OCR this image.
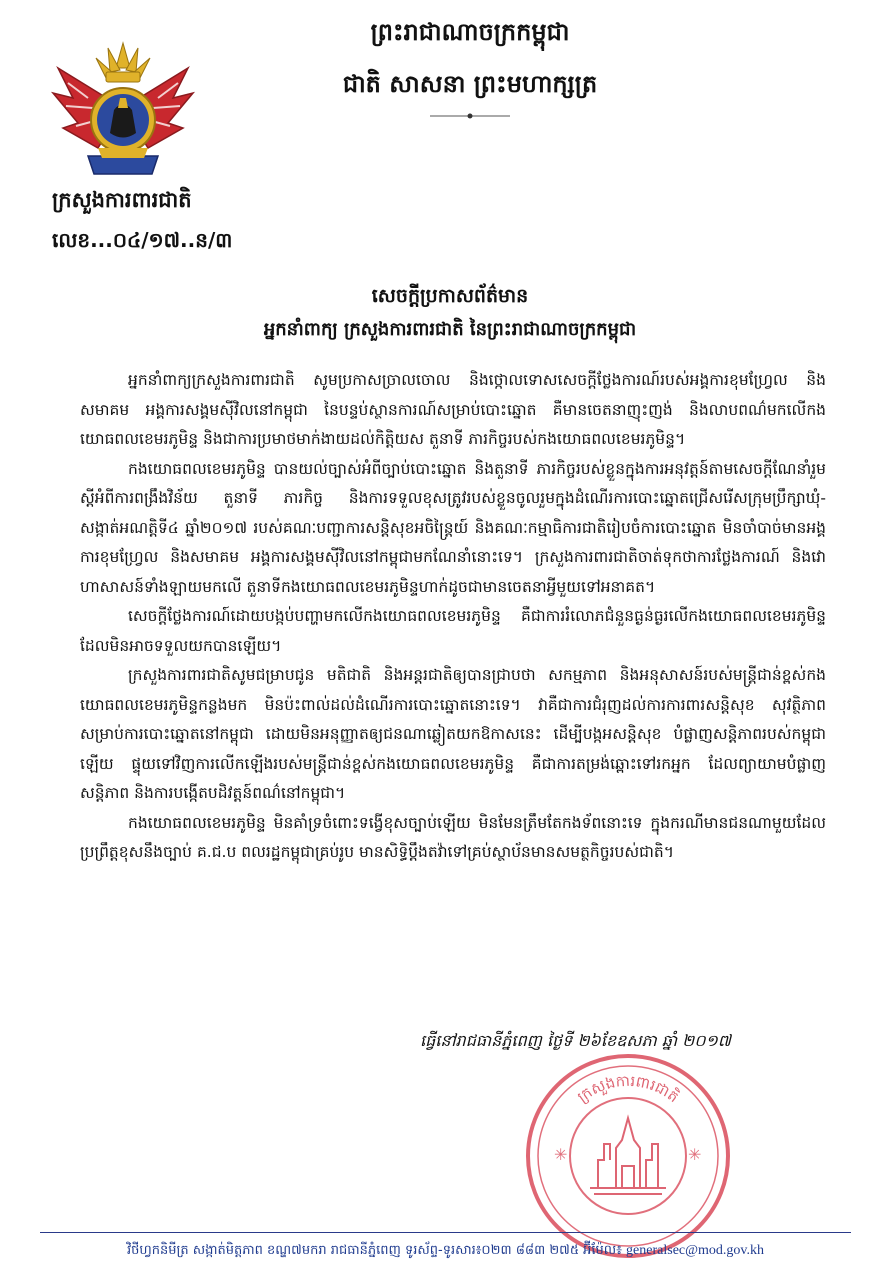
ព្រះរាជាណាចក្រកម្ពុជា
ជាតិ សាសនា ព្រះមហាក្សត្រ
ក្រសួងការពារជាតិ
លេខ...០៤/១៧..ន/៣
សេចក្តីប្រកាសព័ត៌មាន
អ្នកនាំពាក្យ ក្រសួងការពារជាតិ នៃព្រះរាជាណាចក្រកម្ពុជា

អ្នកនាំពាក្យក្រសួងការពារជាតិ សូមប្រកាសច្រាលចោល និងថ្កោលទោសសេចក្តីថ្លែងការណ៍របស់អង្គការខុមហ្វ្រែល និងសមាគម អង្គការសង្គមស៊ីវិលនៅកម្ពុជា នៃបន្ទប់ស្ថានការណ៍សម្រាប់បោះឆ្នោត គឺមានចេតនាញុះញង់ និងលាបពណ៌មកលើកងយោធពលខេមរភូមិន្ទ និងជាការប្រមាថមាក់ងាយដល់កិត្តិយស តួនាទី ភារកិច្ចរបស់កងយោធពលខេមរភូមិន្ទ។

កងយោធពលខេមរភូមិន្ទ បានយល់ច្បាស់អំពីច្បាប់បោះឆ្នោត និងតួនាទី ភារកិច្ចរបស់ខ្លួនក្នុងការអនុវត្តន៍តាមសេចក្តីណែនាំរួមស្តីអំពីការពង្រឹងវិន័យ តួនាទី ភារកិច្ច និងការទទួលខុសត្រូវរបស់ខ្លួនចូលរួមក្នុងដំណើរការបោះឆ្នោតជ្រើសរើសក្រុមប្រឹក្សាឃុំ-សង្កាត់អណត្តិទី៤ ឆ្នាំ២០១៧ របស់គណៈបញ្ជាការសន្តិសុខអចិន្ត្រៃយ៍ និងគណៈកម្មាធិការជាតិរៀបចំការបោះឆ្នោត មិនចាំបាច់មានអង្គការខុមហ្វ្រែល និងសមាគម អង្គការសង្គមស៊ីវិលនៅកម្ពុជាមកណែនាំនោះទេ។ ក្រសួងការពារជាតិចាត់ទុកថាការថ្លែងការណ៍ និងវោហាសាសន៍ទាំងឡាយមកលើ តួនាទីកងយោធពលខេមរភូមិន្ទហាក់ដូចជាមានចេតនាអ្វីមួយទៅអនាគត។

សេចក្តីថ្លែងការណ៍ដោយបង្កប់បញ្ហាមកលើកងយោធពលខេមរភូមិន្ទ គឺជាការរំលោភជំនួនធ្ងន់ធ្ងរលើកងយោធពលខេមរភូមិន្ទ ដែលមិនអាចទទួលយកបានឡើយ។

ក្រសួងការពារជាតិសូមជម្រាបជូន មតិជាតិ និងអន្តរជាតិឲ្យបានជ្រាបថា សកម្មភាព និងអនុសាសន៍របស់មន្ត្រីជាន់ខ្ពស់កងយោធពលខេមរភូមិន្ទកន្លងមក មិនប៉ះពាល់ដល់ដំណើរការបោះឆ្នោតនោះទេ។ វាគឺជាការជំរុញដល់ការការពារសន្តិសុខ សុវត្ថិភាព សម្រាប់ការបោះឆ្នោតនៅកម្ពុជា ដោយមិនអនុញ្ញាតឲ្យជនណាឆ្លៀតយកឱកាសនេះ ដើម្បីបង្កអសន្តិសុខ បំផ្លាញសន្តិភាពរបស់កម្ពុជាឡើយ ផ្ទុយទៅវិញការលើកឡើងរបស់មន្ត្រីជាន់ខ្ពស់កងយោធពលខេមរភូមិន្ទ គឺជាការតម្រង់ឆ្ពោះទៅរកអ្នក ដែលព្យាយាមបំផ្លាញសន្តិភាព និងការបង្កើតបដិវត្តន៍ពណ៌នៅកម្ពុជា។

កងយោធពលខេមរភូមិន្ទ មិនគាំទ្រចំពោះទង្វើខុសច្បាប់ឡើយ មិនមែនត្រឹមតែកងទ័ពនោះទេ ក្នុងករណីមានជនណាមួយដែលប្រព្រឹត្តខុសនឹងច្បាប់ គ.ជ.ប ពលរដ្ឋកម្ពុជាគ្រប់រូប មានសិទ្ធិប្តឹងតវ៉ាទៅគ្រប់ស្ថាប័នមានសមត្ថកិច្ចរបស់ជាតិ។

ធ្វើនៅរាជធានីភ្នំពេញ ថ្ងៃទី ២៦ខែឧសភា ឆ្នាំ ២០១៧
ក្រសួងការពារជាតិ
✳	✳
វិថីហ្វកនិមីត្រ សង្កាត់មិត្តភាព ខណ្ឌ៧មករា រាជធានីភ្នំពេញ ទូរស័ព្ទ-ទូរសារ៖០២៣ ៨៨៣ ២៧៥ អ៊ីម៉ែល៖ generalsec@mod.gov.kh
